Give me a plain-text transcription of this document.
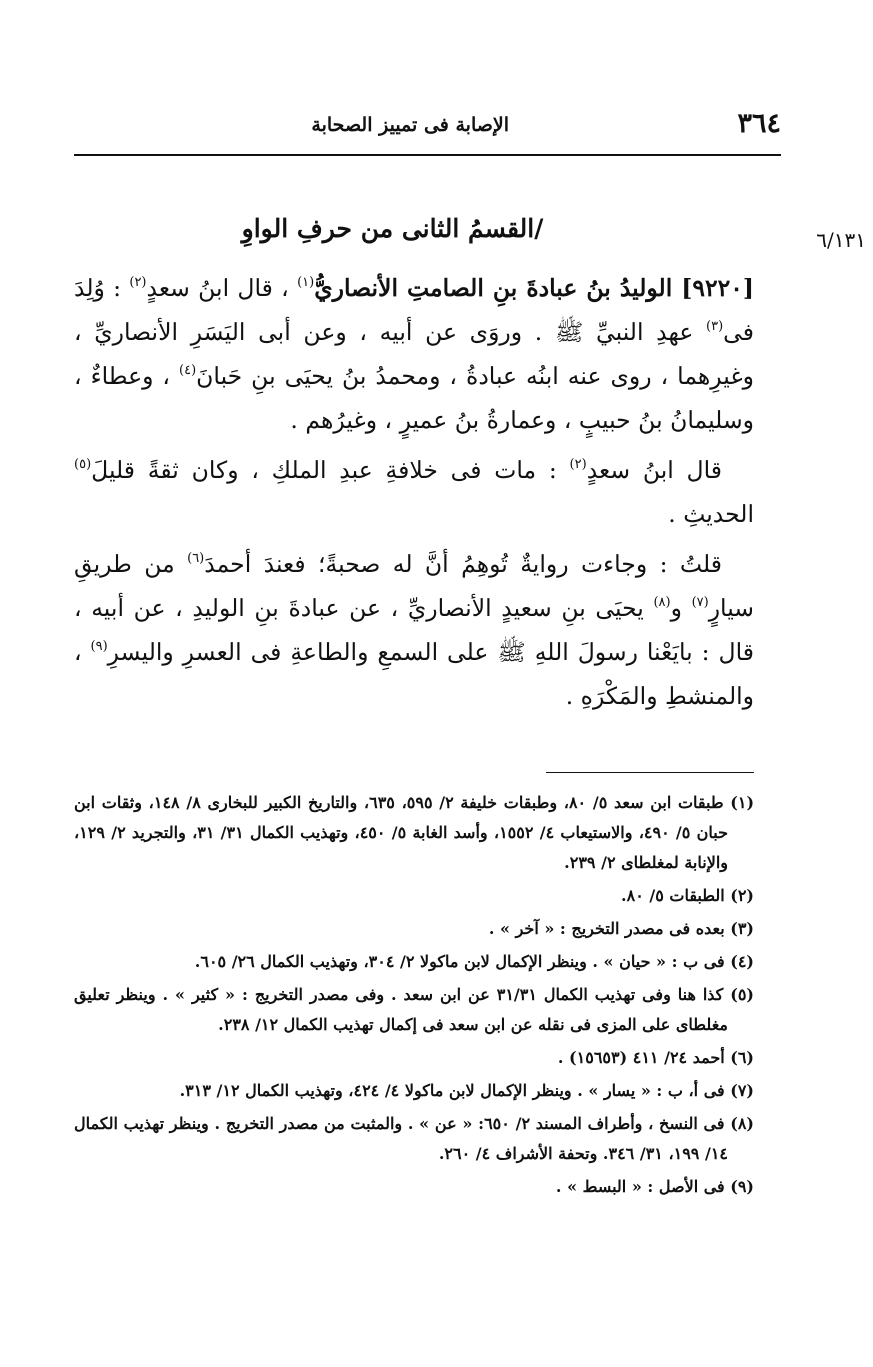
٣٦٤
الإصابة فى تمييز الصحابة
٦/١٣١
/القسمُ الثانى من حرفِ الواوِ

[٩٢٢٠] الوليدُ بنُ عبادةَ بنِ الصامتِ الأنصاريُّ$^{(١)}$ ، قال ابنُ سعدٍ$^{(٢)}$ : وُلِدَ فى$^{(٣)}$ عهدِ النبيِّ ﷺ . وروَى عن أبيه ، وعن أبى اليَسَرِ الأنصاريِّ ، وغيرِهما ، روى عنه ابنُه عبادةُ ، ومحمدُ بنُ يحيَى بنِ حَبانَ$^{(٤)}$ ، وعطاءٌ ، وسليمانُ بنُ حبيبٍ ، وعمارةُ بنُ عميرٍ ، وغيرُهم .

قال ابنُ سعدٍ$^{(٢)}$ : مات فى خلافةِ عبدِ الملكِ ، وكان ثقةً قليلَ$^{(٥)}$ الحديثِ .

قلتُ : وجاءت روايةٌ تُوهِمُ أنَّ له صحبةً؛ فعندَ أحمدَ$^{(٦)}$ من طريقِ سيارٍ$^{(٧)}$ و$^{(٨)}$ يحيَى بنِ سعيدٍ الأنصاريِّ ، عن عبادةَ بنِ الوليدِ ، عن أبيه ، قال : بايَعْنا رسولَ اللهِ ﷺ على السمعِ والطاعةِ فى العسرِ واليسرِ$^{(٩)}$ ، والمنشطِ والمَكْرَهِ .

(١) طبقات ابن سعد ٥/ ٨٠، وطبقات خليفة ٢/ ٥٩٥، ٦٣٥، والتاريخ الكبير للبخارى ٨/ ١٤٨، وثقات ابن حبان ٥/ ٤٩٠، والاستيعاب ٤/ ١٥٥٢، وأسد الغابة ٥/ ٤٥٠، وتهذيب الكمال ٣١/ ٣١، والتجريد ٢/ ١٢٩، والإنابة لمغلطاى ٢/ ٢٣٩.

(٢) الطبقات ٥/ ٨٠.

(٣) بعده فى مصدر التخريج : « آخر » .

(٤) فى ب : « حيان » . وينظر الإكمال لابن ماكولا ٢/ ٣٠٤، وتهذيب الكمال ٢٦/ ٦٠٥.

(٥) كذا هنا وفى تهذيب الكمال ٣١/٣١ عن ابن سعد . وفى مصدر التخريج : « كثير » . وينظر تعليق مغلطاى على المزى فى نقله عن ابن سعد فى إكمال تهذيب الكمال ١٢/ ٢٣٨.

(٦) أحمد ٢٤/ ٤١١ (١٥٦٥٣) .

(٧) فى أ، ب : « يسار » . وينظر الإكمال لابن ماكولا ٤/ ٤٢٤، وتهذيب الكمال ١٢/ ٣١٣.

(٨) فى النسخ ، وأطراف المسند ٢/ ٦٥٠: « عن » . والمثبت من مصدر التخريج . وينظر تهذيب الكمال ١٤/ ١٩٩، ٣١/ ٣٤٦. وتحفة الأشراف ٤/ ٢٦٠.

(٩) فى الأصل : « البسط » .
